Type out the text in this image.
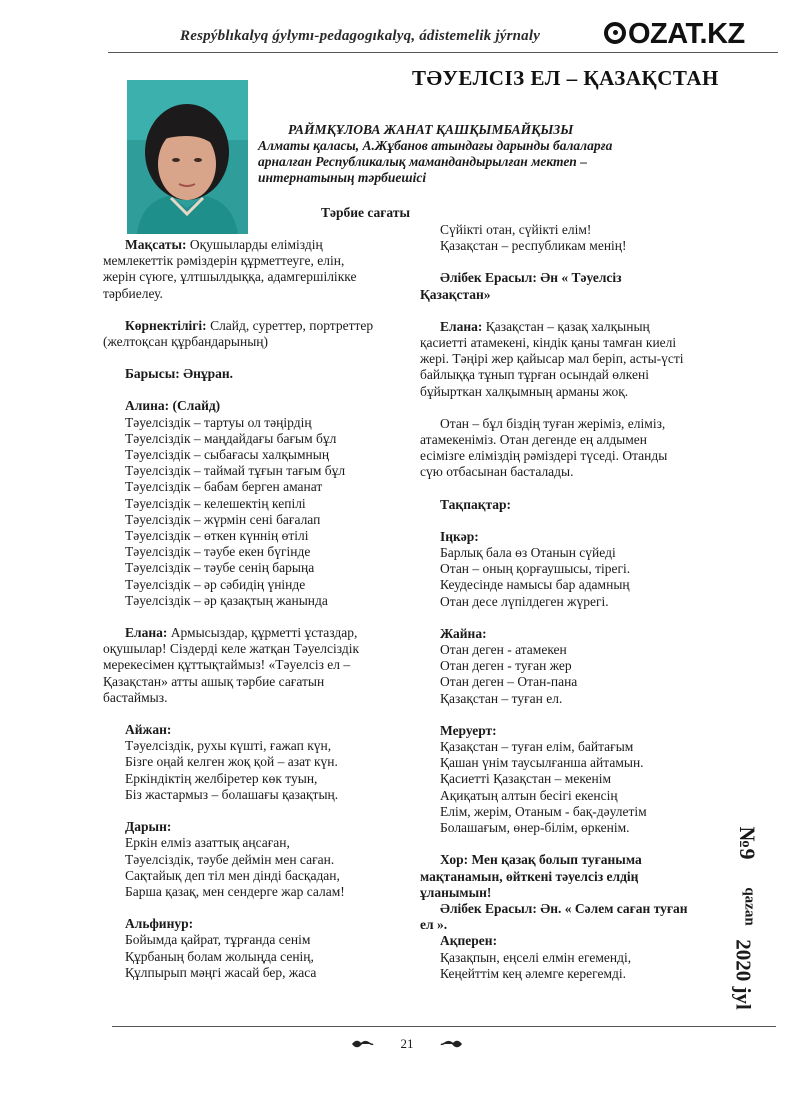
Respýblıkalyq ǵylymı-pedagogıkalyq, ádistemelik jýrnaly	OZAT.KZ
ТӘУЕЛСІЗ ЕЛ – ҚАЗАҚСТАН
РАЙМҚҰЛОВА ЖАНАТ ҚАШҚЫМБАЙҚЫЗЫ
Алматы қаласы, А.Жұбанов атындағы дарынды балаларға
арналған Республикалық мамандандырылған мектеп –
интернатының тәрбиешісі
Тәрбие сағаты
Мақсаты: Оқушыларды еліміздің
мемлекеттік рәміздерін құрметтеуге, елін,
жерін сүюге, ұлтшылдыққа, адамгершілікке
тәрбиелеу.
Көрнектілігі: Слайд, суреттер, портреттер
(желтоқсан құрбандарының)
Барысы: Әнұран.
Алина: (Слайд)
Тәуелсіздік – тартуы ол тәңірдің
Тәуелсіздік – маңдайдағы бағым бұл
Тәуелсіздік – сыбағасы халқымның
Тәуелсіздік – таймай тұғын тағым бұл
Тәуелсіздік – бабам берген аманат
Тәуелсіздік – келешектің кепілі
Тәуелсіздік – жүрмін сені бағалап
Тәуелсіздік – өткен күннің өтілі
Тәуелсіздік – тәубе екен бүгінде
Тәуелсіздік – тәубе сенің барыңа
Тәуелсіздік – әр сәбидің үнінде
Тәуелсіздік – әр қазақтың жанында
Елана: Армысыздар, құрметті ұстаздар,
оқушылар! Сіздерді келе жатқан Тәуелсіздік
мерекесімен құттықтаймыз! «Тәуелсіз ел –
Қазақстан» атты ашық тәрбие сағатын
бастаймыз.
Айжан:
Тәуелсіздік, рухы күшті, ғажап күн,
Бізге оңай келген жоқ қой – азат күн.
Еркіндіктің желбіретер көк туын,
Біз жастармыз – болашағы қазақтың.
Дарын:
Еркін елміз азаттық аңсаған,
Тәуелсіздік, тәубе деймін мен саған.
Сақтайық деп тіл мен дінді басқадан,
Барша қазақ, мен сендерге жар салам!
Альфинур:
Бойымда қайрат, тұрғанда сенім
Құрбаның болам жолыңда сенің,
Құлпырып мәңгі жасай бер, жаса
Сүйікті отан, сүйікті елім!
Қазақстан – республикам менің!
Әлібек Ерасыл: Ән « Тәуелсіз
Қазақстан»
Елана: Қазақстан – қазақ халқының
қасиетті атамекені, кіндік қаны тамған киелі
жері. Тәңірі жер қайысар мал беріп, асты-үсті
байлыққа тұнып тұрған осындай өлкені
бұйырткан халқымның арманы жоқ.
Отан – бұл біздің туған жеріміз, еліміз,
атамекеніміз. Отан дегенде ең алдымен
есімізге еліміздің рәміздері түседі. Отанды
сүю отбасынан басталады.
Тақпақтар:
Іңкәр:
Барлық бала өз Отанын сүйеді
Отан – оның қорғаушысы, тірегі.
Кеудесінде намысы бар адамның
Отан десе лүпілдеген жүрегі.
Жайна:
Отан деген - атамекен
Отан деген - туған жер
Отан деген – Отан-пана
Қазақстан – туған ел.
Меруерт:
Қазақстан – туған елім, байтағым
Қашан үнім таусылғанша айтамын.
Қасиетті Қазақстан – мекенім
Ақиқатың алтын бесігі екенсің
Елім, жерім, Отаным - бақ-дәулетім
Болашағым, өнер-білім, өркенім.
Хор: Мен қазақ болып туғаныма
мақтанамын, өйткені тәуелсіз елдің
ұланымын!
Әлібек Ерасыл: Ән. « Сәлем саған туған
ел ».
Ақперен:
Қазақпын, еңселі елмін егеменді,
Кеңейттім кең әлемге керегемді.
№9
qazan
2020 jyl
21
